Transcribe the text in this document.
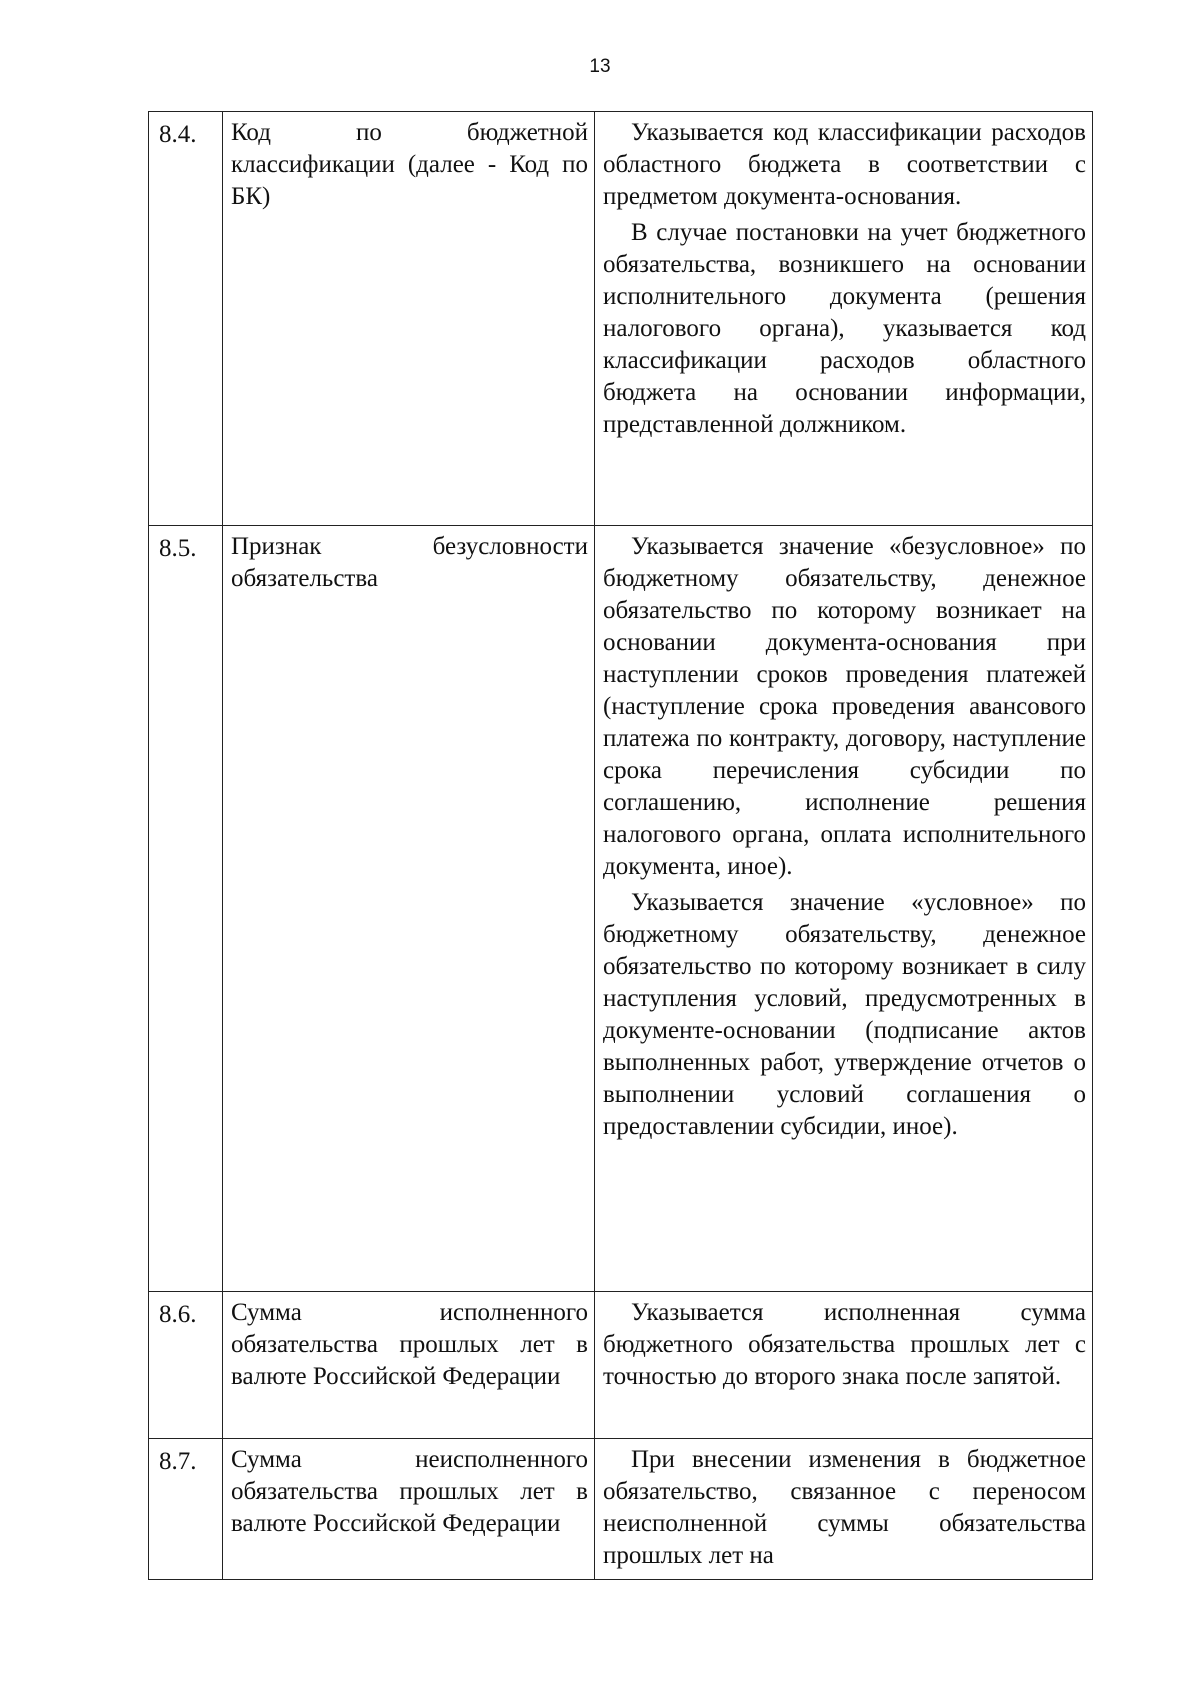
13
8.4.	Код по бюджетной классификации (далее - Код по БК)	Указывается код классификации расходов областного бюджета в соответствии с предметом документа-основания.
В случае постановки на учет бюджетного обязательства, возникшего на основании исполнительного документа (решения налогового органа), указывается код классификации расходов областного бюджета на основании информации, представленной должником.

8.5.	Признак безусловности обязательства	Указывается значение «безусловное» по бюджетному обязательству, денежное обязательство по которому возникает на основании документа-основания при наступлении сроков проведения платежей (наступление срока проведения авансового платежа по контракту, договору, наступление срока перечисления субсидии по соглашению, исполнение решения налогового органа, оплата исполнительного документа, иное).
Указывается значение «условное» по бюджетному обязательству, денежное обязательство по которому возникает в силу наступления условий, предусмотренных в документе-основании (подписание актов выполненных работ, утверждение отчетов о выполнении условий соглашения о предоставлении субсидии, иное).

8.6.	Сумма исполненного обязательства прошлых лет в валюте Российской Федерации	Указывается исполненная сумма бюджетного обязательства прошлых лет с точностью до второго знака после запятой.

8.7.	Сумма неисполненного обязательства прошлых лет в валюте Российской Федерации	При внесении изменения в бюджетное обязательство, связанное с переносом неисполненной суммы обязательства прошлых лет на
